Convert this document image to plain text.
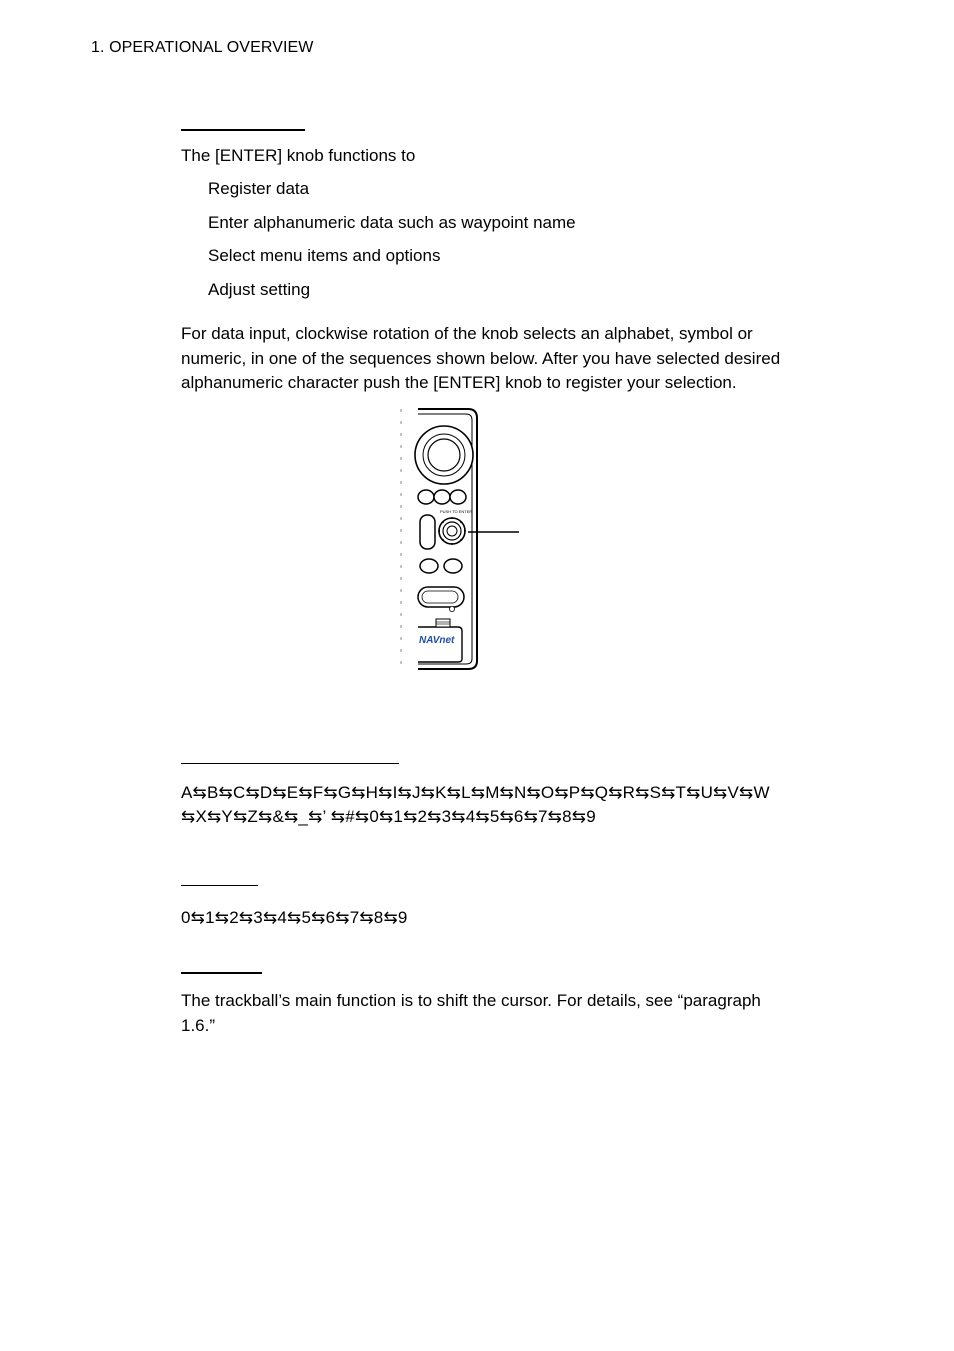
1. OPERATIONAL OVERVIEW
The [ENTER] knob functions to
Register data
Enter alphanumeric data such as waypoint name
Select menu items and options
Adjust setting
For data input, clockwise rotation of the knob selects an alphabet, symbol or
numeric, in one of the sequences shown below. After you have selected desired
alphanumeric character push the [ENTER] knob to register your selection.
PUSH TO ENTER
NAVnet
A⇆B⇆C⇆D⇆E⇆F⇆G⇆H⇆I⇆J⇆K⇆L⇆M⇆N⇆O⇆P⇆Q⇆R⇆S⇆T⇆U⇆V⇆W
⇆X⇆Y⇆Z⇆&⇆_⇆’ ⇆#⇆0⇆1⇆2⇆3⇆4⇆5⇆6⇆7⇆8⇆9
0⇆1⇆2⇆3⇆4⇆5⇆6⇆7⇆8⇆9
The trackball’s main function is to shift the cursor. For details, see “paragraph
1.6.”
